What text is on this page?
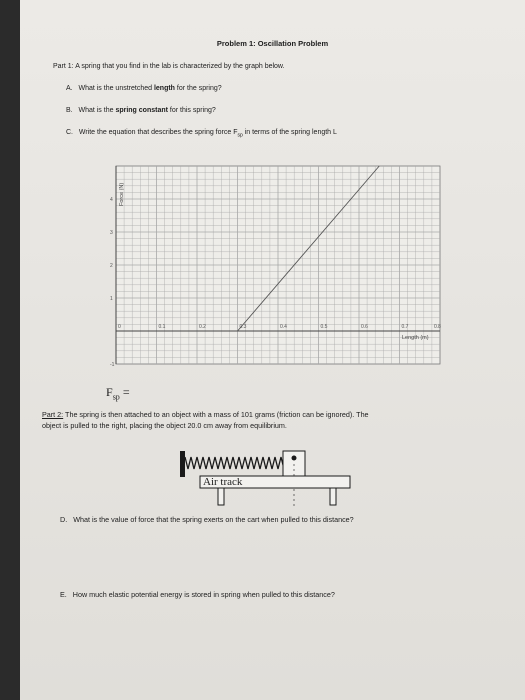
Problem 1: Oscillation Problem
Part 1: A spring that you find in the lab is characterized by the graph below.
A. What is the unstretched length for the spring?
B. What is the spring constant for this spring?
C. Write the equation that describes the spring force $F_{sp}$ in terms of the spring length L
0	0.1	0.2	0.3	0.4	0.5	0.6	0.7	0.8
-1
1
2
3
4
Length (m)
Force (N)
$F_{sp}$ =
Part 2: The spring is then attached to an object with a mass of 101 grams (friction can be ignored). The
object is pulled to the right, placing the object 20.0 cm away from equilibrium.
Air track
D. What is the value of force that the spring exerts on the cart when pulled to this distance?
E. How much elastic potential energy is stored in spring when pulled to this distance?
